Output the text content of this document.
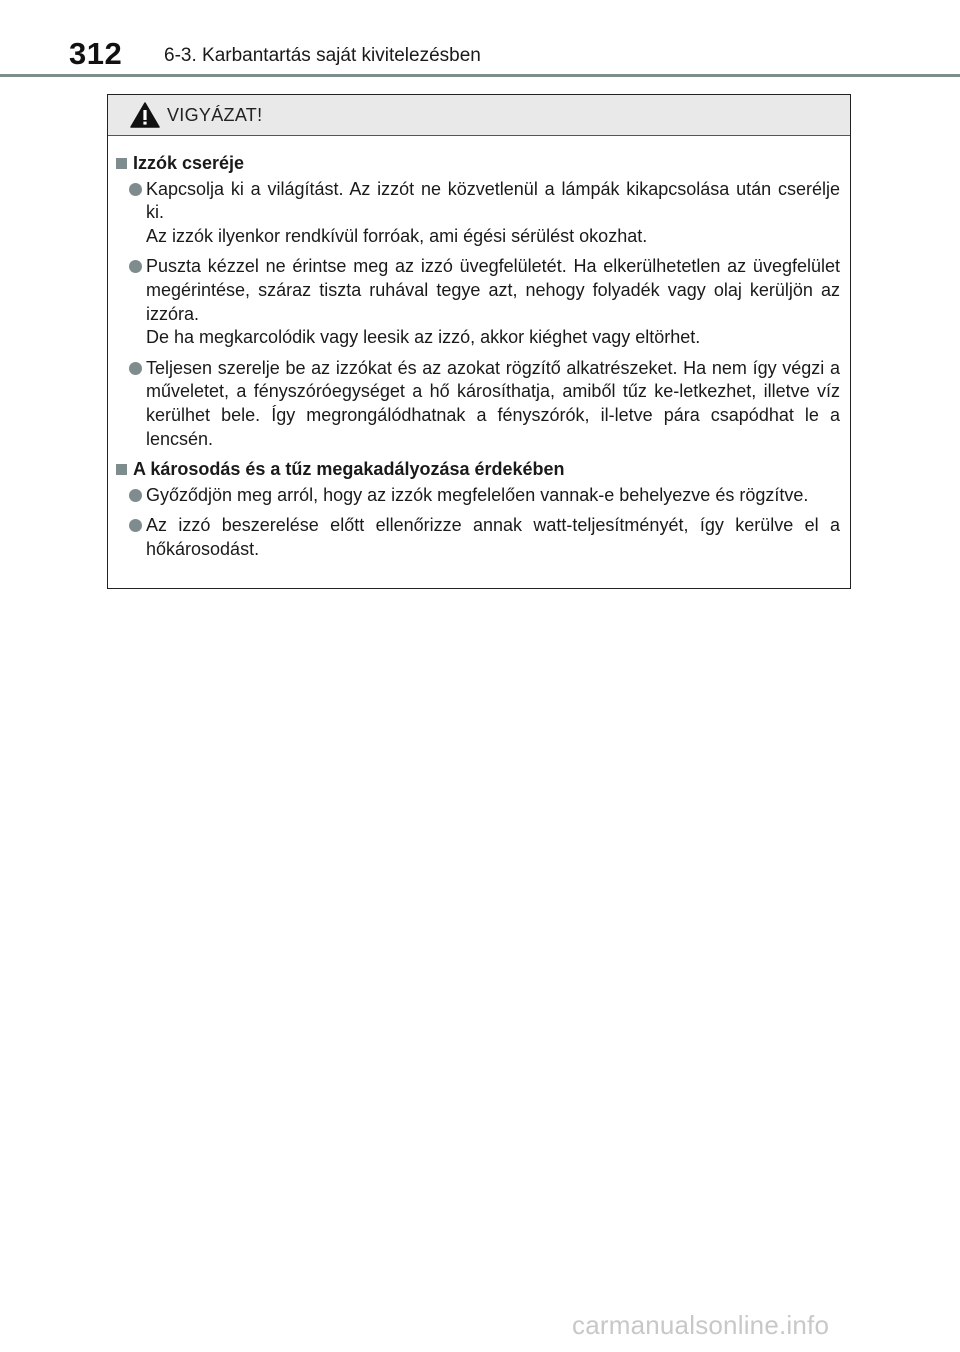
312 6-3. Karbantartás saját kivitelezésben
VIGYÁZAT!
Izzók cseréje

Kapcsolja ki a világítást. Az izzót ne közvetlenül a lámpák kikapcsolása után cserélje ki.

Az izzók ilyenkor rendkívül forróak, ami égési sérülést okozhat.

Puszta kézzel ne érintse meg az izzó üvegfelületét. Ha elkerülhetetlen az üvegfelület megérintése, száraz tiszta ruhával tegye azt, nehogy folyadék vagy olaj kerüljön az izzóra.

De ha megkarcolódik vagy leesik az izzó, akkor kiéghet vagy eltörhet.

Teljesen szerelje be az izzókat és az azokat rögzítő alkatrészeket. Ha nem így végzi a műveletet, a fényszóróegységet a hő károsíthatja, amiből tűz ke-letkezhet, illetve víz kerülhet bele. Így megrongálódhatnak a fényszórók, il-letve pára csapódhat le a lencsén.

A károsodás és a tűz megakadályozása érdekében

Győződjön meg arról, hogy az izzók megfelelően vannak-e behelyezve és rögzítve.

Az izzó beszerelése előtt ellenőrizze annak watt-teljesítményét, így kerülve el a hőkárosodást.

carmanualsonline.info
